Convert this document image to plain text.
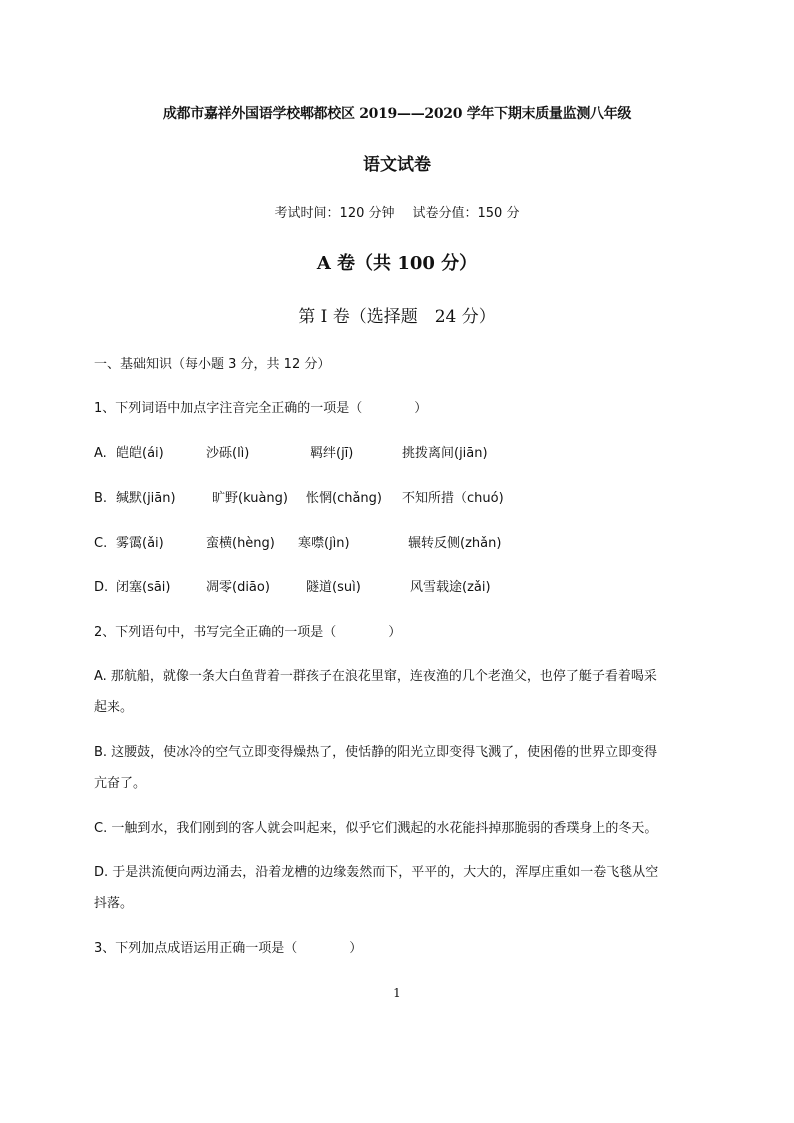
成都市嘉祥外国语学校郫都校区 2019——2020 学年下期末质量监测八年级
语文试卷
考试时间：120 分钟 试卷分值：150 分
A 卷（共 100 分）
第 I 卷（选择题　24 分）
一、基础知识（每小题 3 分，共 12 分）
1、下列词语中加点字注音完全正确的一项是（　　　　）
A. 皑皑(ái)	沙砾(lì)	羁绊(jī)	挑拨离间(jiān)
B. 缄默(jiān)	旷野(kuàng) 怅惘(chǎng) 不知所措（chuó)
C. 雾霭(ǎi)	蛮横(hèng) 寒噤(jìn)	辗转反侧(zhǎn)
D. 闭塞(sāi)	凋零(diāo)	隧道(suì)	风雪载途(zǎi)
2、下列语句中，书写完全正确的一项是（　　　　）
A. 那航船，就像一条大白鱼背着一群孩子在浪花里窜，连夜渔的几个老渔父，也停了艇子看着喝采
起来。
B. 这腰鼓，使冰冷的空气立即变得燥热了，使恬静的阳光立即变得飞溅了，使困倦的世界立即变得
亢奋了。
C. 一触到水，我们刚到的客人就会叫起来，似乎它们溅起的水花能抖掉那脆弱的香璞身上的冬天。
D. 于是洪流便向两边涌去，沿着龙槽的边缘轰然而下，平平的，大大的，浑厚庄重如一卷飞毯从空
抖落。
3、下列加点成语运用正确一项是（　　　　）
1
